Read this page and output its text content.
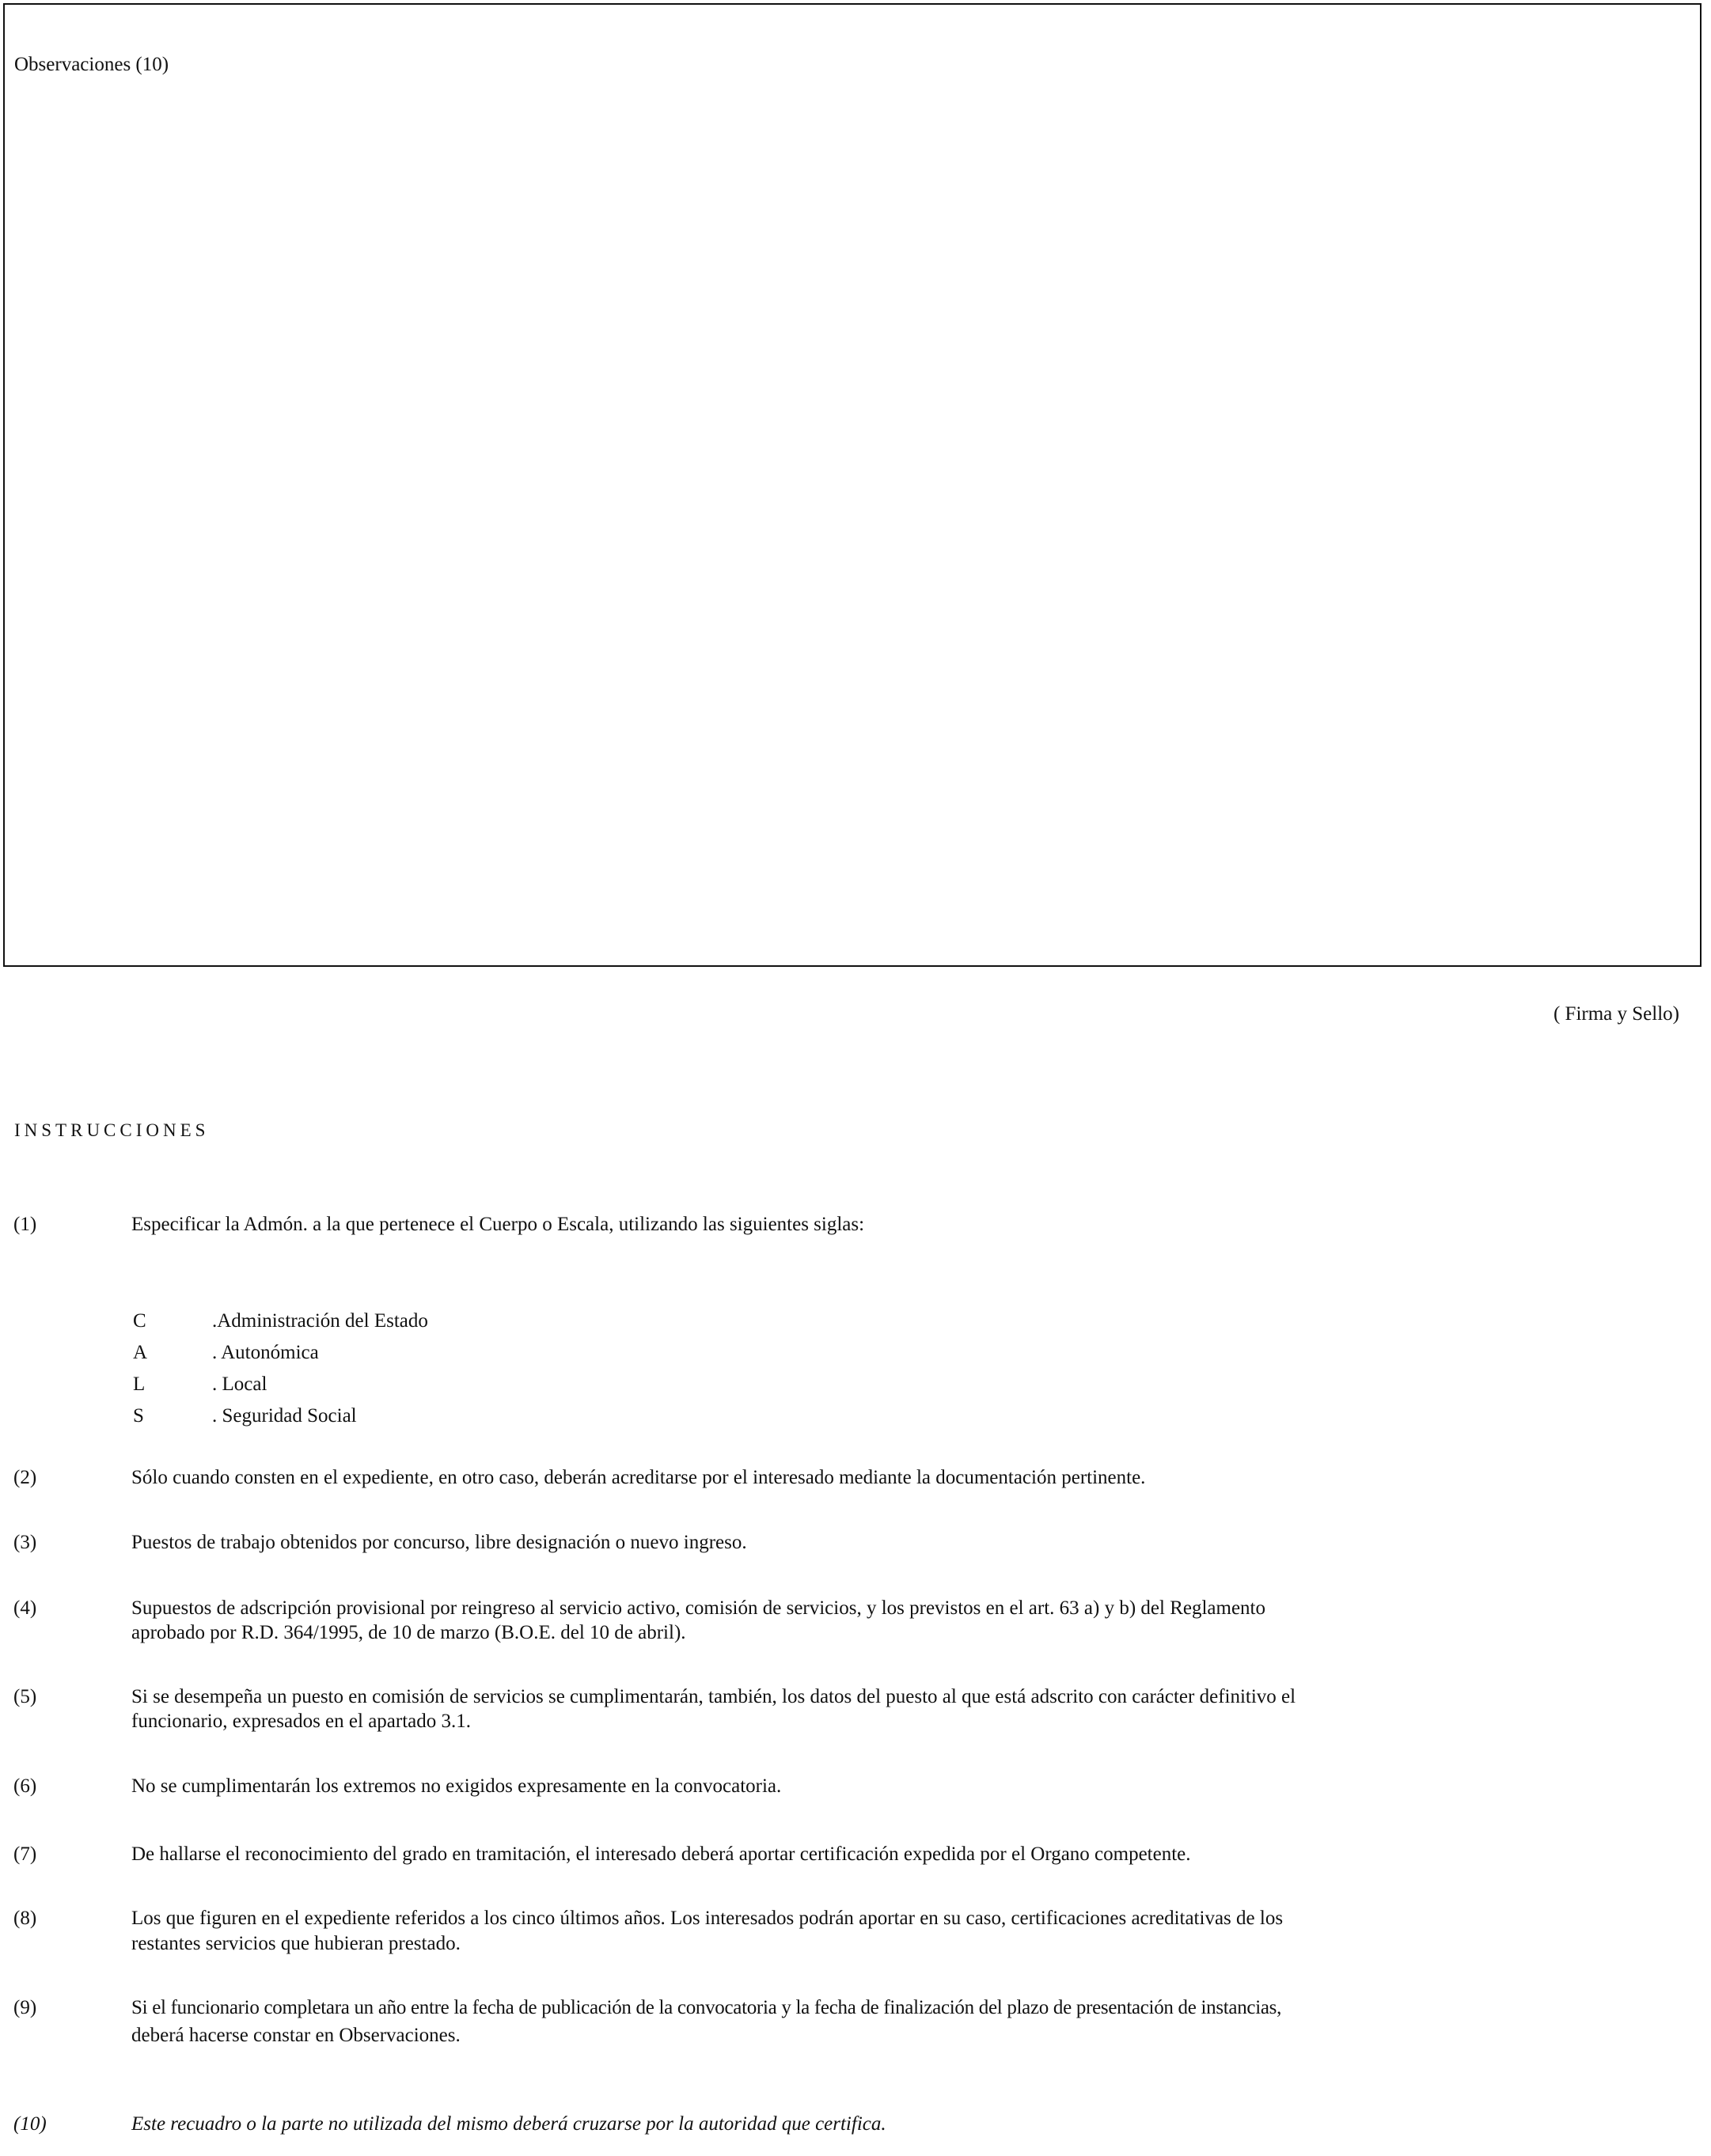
Observaciones (10)
( Firma y Sello)
INSTRUCCIONES
(1)	Especificar la Admón. a la que pertenece el Cuerpo o Escala, utilizando las siguientes siglas:
C	.Administración del Estado
A	. Autonómica
L	. Local
S	. Seguridad Social
(2)	Sólo cuando consten en el expediente, en otro caso, deberán acreditarse por el interesado mediante la documentación pertinente.
(3)	Puestos de trabajo obtenidos por concurso, libre designación o nuevo ingreso.
(4)	Supuestos de adscripción provisional por reingreso al servicio activo, comisión de servicios, y los previstos en el art. 63 a) y b) del Reglamento
aprobado por R.D. 364/1995, de 10 de marzo (B.O.E. del 10 de abril).
(5)	Si se desempeña un puesto en comisión de servicios se cumplimentarán, también, los datos del puesto al que está adscrito con carácter definitivo el
funcionario, expresados en el apartado 3.1.
(6)	No se cumplimentarán los extremos no exigidos expresamente en la convocatoria.
(7)	De hallarse el reconocimiento del grado en tramitación, el interesado deberá aportar certificación expedida por el Organo competente.
(8)	Los que figuren en el expediente referidos a los cinco últimos años. Los interesados podrán aportar en su caso, certificaciones acreditativas de los
restantes servicios que hubieran prestado.
(9)	Si el funcionario completara un año entre la fecha de publicación de la convocatoria y la fecha de finalización del plazo de presentación de instancias,
deberá hacerse constar en Observaciones.
(10)	Este recuadro o la parte no utilizada del mismo deberá cruzarse por la autoridad que certifica.
